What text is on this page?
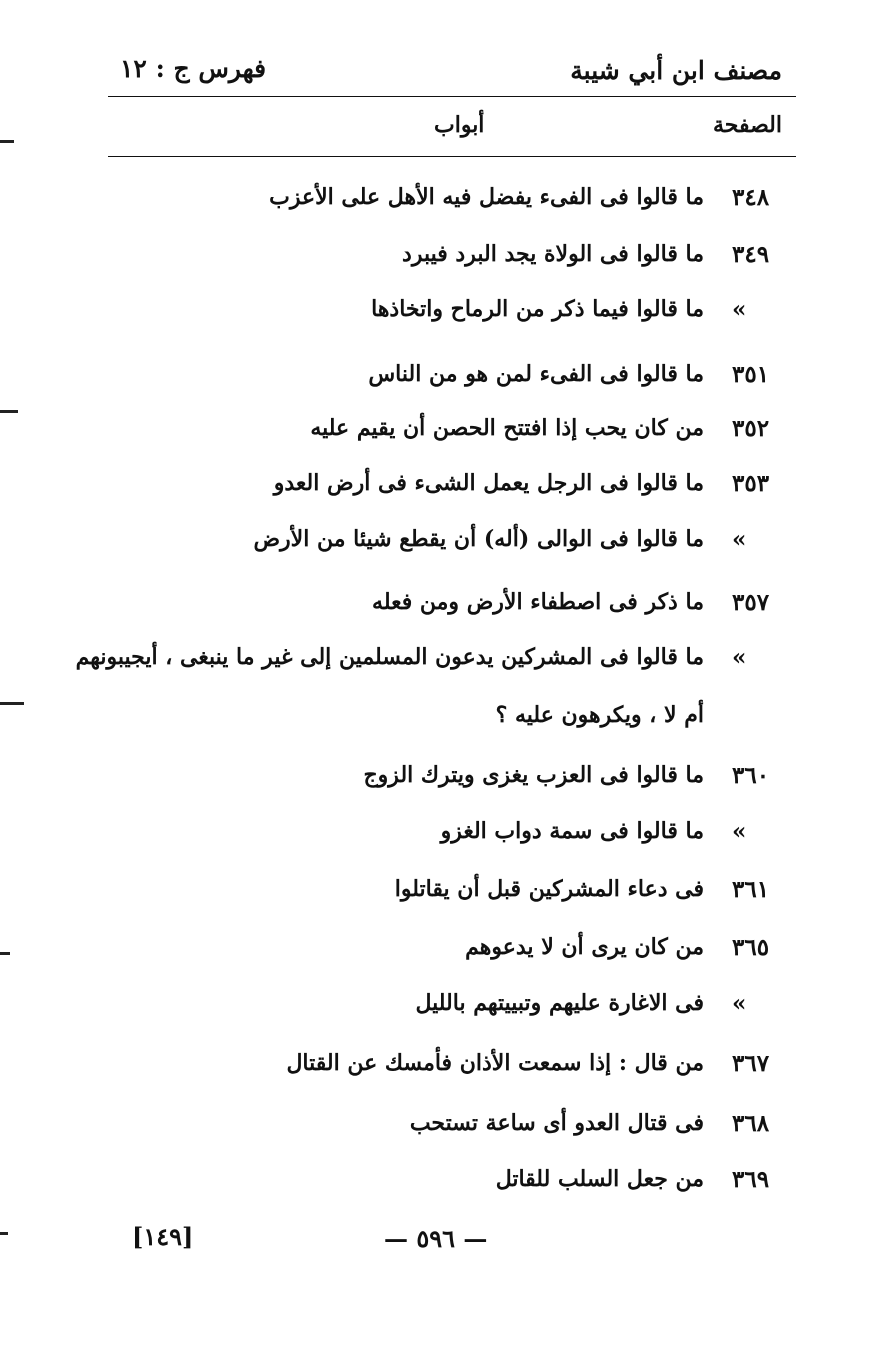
مصنف ابن أبي شيبة
فهرس ج : ١٢
الصفحة
أبواب
٣٤٨
ما قالوا فى الفىء يفضل فيه الأهل على الأعزب
٣٤٩
ما قالوا فى الولاة يجد البرد فيبرد
»
ما قالوا فيما ذكر من الرماح واتخاذها
٣٥١
ما قالوا فى الفىء لمن هو من الناس
٣٥٢
من كان يحب إذا افتتح الحصن أن يقيم عليه
٣٥٣
ما قالوا فى الرجل يعمل الشىء فى أرض العدو
»
ما قالوا فى الوالى (أله) أن يقطع شيئا من الأرض
٣٥٧
ما ذكر فى اصطفاء الأرض ومن فعله
»
ما قالوا فى المشركين يدعون المسلمين إلى غير ما ينبغى ، أيجيبونهم
أم لا ، ويكرهون عليه ؟
٣٦٠
ما قالوا فى العزب يغزى ويترك الزوج
»
ما قالوا فى سمة دواب الغزو
٣٦١
فى دعاء المشركين قبل أن يقاتلوا
٣٦٥
من كان يرى أن لا يدعوهم
»
فى الاغارة عليهم وتبييتهم بالليل
٣٦٧
من قال : إذا سمعت الأذان فأمسك عن القتال
٣٦٨
فى قتال العدو أى ساعة تستحب
٣٦٩
من جعل السلب للقاتل
[١٤٩]	— ٥٩٦ —
